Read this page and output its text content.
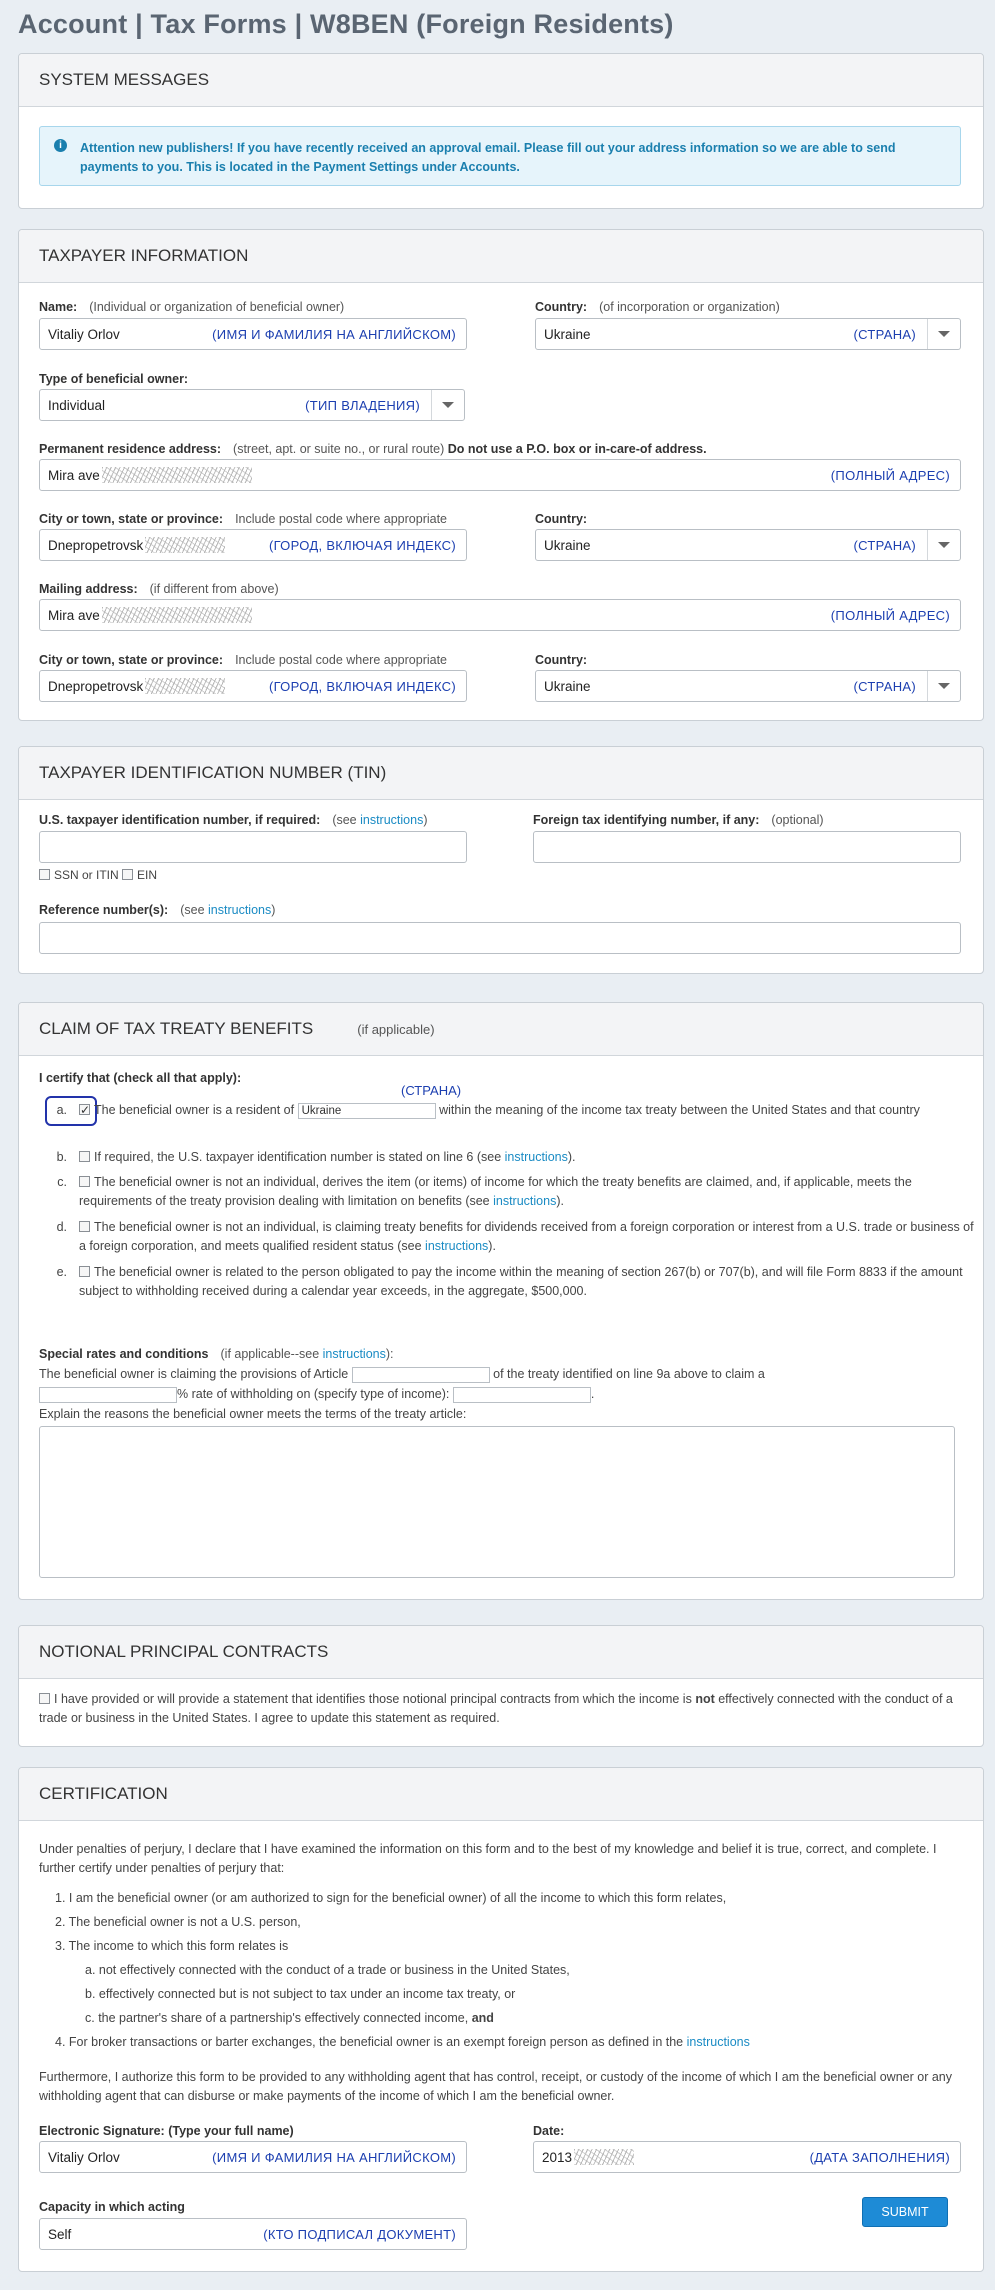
Account | Tax Forms | W8BEN (Foreign Residents)
SYSTEM MESSAGES
i	Attention new publishers! If you have recently received an approval email. Please fill out your address information so we are able to send payments to you. This is located in the Payment Settings under Accounts.
TAXPAYER INFORMATION
Name: (Individual or organization of beneficial owner)
Vitaliy Orlov	(ИМЯ И ФАМИЛИЯ НА АНГЛИЙСКОМ)
Country: (of incorporation or organization)
Ukraine	(СТРАНА)
Type of beneficial owner:
Individual	(ТИП ВЛАДЕНИЯ)
Permanent residence address: (street, apt. or suite no., or rural route) Do not use a P.O. box or in-care-of address.
Mira ave	(ПОЛНЫЙ АДРЕС)
City or town, state or province: Include postal code where appropriate
Dnepropetrovsk	(ГОРОД, ВКЛЮЧАЯ ИНДЕКС)
Country:
Ukraine	(СТРАНА)
Mailing address: (if different from above)
Mira ave	(ПОЛНЫЙ АДРЕС)
City or town, state or province: Include postal code where appropriate
Dnepropetrovsk	(ГОРОД, ВКЛЮЧАЯ ИНДЕКС)
Country:
Ukraine	(СТРАНА)
TAXPAYER IDENTIFICATION NUMBER (TIN)
U.S. taxpayer identification number, if required: (see instructions)
SSN or ITIN EIN
Foreign tax identifying number, if any: (optional)
Reference number(s): (see instructions)
CLAIM OF TAX TREATY BENEFITS	(if applicable)
I certify that (check all that apply):
(СТРАНА)
a. ✓	The beneficial owner is a resident of Ukraine	within the meaning of the income tax treaty between the United States and that country
b.	If required, the U.S. taxpayer identification number is stated on line 6 (see instructions).
c.	The beneficial owner is not an individual, derives the item (or items) of income for which the treaty benefits are claimed, and, if applicable, meets the requirements of the treaty provision dealing with limitation on benefits (see instructions).
d.	The beneficial owner is not an individual, is claiming treaty benefits for dividends received from a foreign corporation or interest from a U.S. trade or business of a foreign corporation, and meets qualified resident status (see instructions).
e.	The beneficial owner is related to the person obligated to pay the income within the meaning of section 267(b) or 707(b), and will file Form 8833 if the amount subject to withholding received during a calendar year exceeds, in the aggregate, $500,000.
Special rates and conditions (if applicable--see instructions):
The beneficial owner is claiming the provisions of Article	of the treaty identified on line 9a above to claim a
% rate of withholding on (specify type of income):	.
Explain the reasons the beneficial owner meets the terms of the treaty article:
NOTIONAL PRINCIPAL CONTRACTS
I have provided or will provide a statement that identifies those notional principal contracts from which the income is not effectively connected with the conduct of a trade or business in the United States. I agree to update this statement as required.
CERTIFICATION
Under penalties of perjury, I declare that I have examined the information on this form and to the best of my knowledge and belief it is true, correct, and complete. I further certify under penalties of perjury that:
1. I am the beneficial owner (or am authorized to sign for the beneficial owner) of all the income to which this form relates,
2. The beneficial owner is not a U.S. person,
3. The income to which this form relates is
a. not effectively connected with the conduct of a trade or business in the United States,
b. effectively connected but is not subject to tax under an income tax treaty, or
c. the partner's share of a partnership's effectively connected income, and
4. For broker transactions or barter exchanges, the beneficial owner is an exempt foreign person as defined in the instructions
Furthermore, I authorize this form to be provided to any withholding agent that has control, receipt, or custody of the income of which I am the beneficial owner or any withholding agent that can disburse or make payments of the income of which I am the beneficial owner.
Electronic Signature: (Type your full name)
Vitaliy Orlov	(ИМЯ И ФАМИЛИЯ НА АНГЛИЙСКОМ)
Date:
2013	(ДАТА ЗАПОЛНЕНИЯ)
Capacity in which acting
Self	(КТО ПОДПИСАЛ ДОКУМЕНТ)
SUBMIT
